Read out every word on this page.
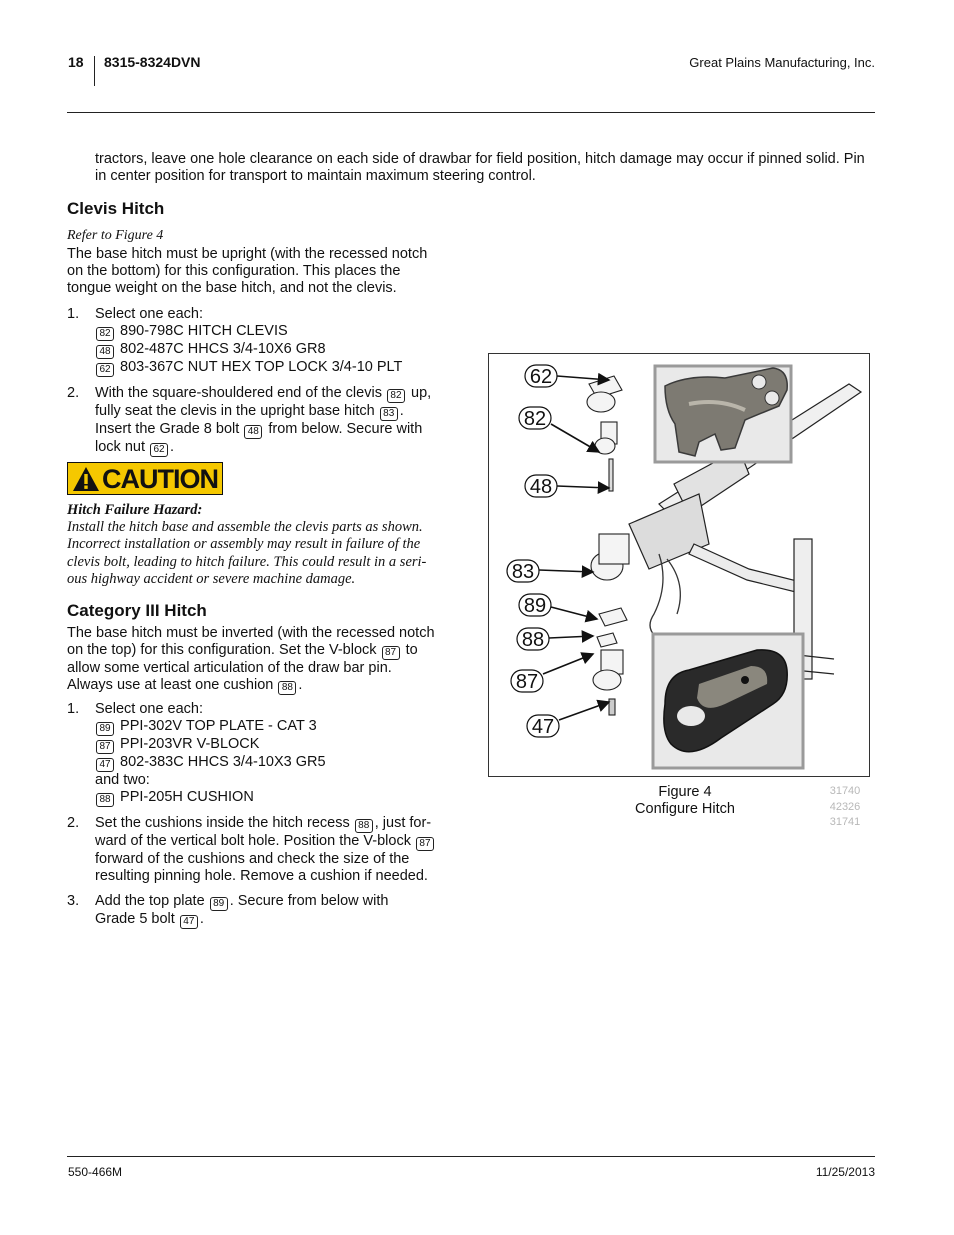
18 8315-8324DVN	Great Plains Manufacturing, Inc.
tractors, leave one hole clearance on each side of drawbar for field position, hitch damage may occur if pinned solid. Pin in center position for transport to maintain maximum steering control.
Clevis Hitch
Refer to Figure 4
The base hitch must be upright (with the recessed notch
on the bottom) for this configuration. This places the
tongue weight on the base hitch, and not the clevis.
1. Select one each:
82 890-798C HITCH CLEVIS
48 802-487C HHCS 3/4-10X6 GR8
62 803-367C NUT HEX TOP LOCK 3/4-10 PLT
2. With the square-shouldered end of the clevis 82 up,
fully seat the clevis in the upright base hitch 83 .
Insert the Grade 8 bolt 48 from below. Secure with
lock nut 62 .
CAUTION
Hitch Failure Hazard:
Install the hitch base and assemble the clevis parts as shown.
Incorrect installation or assembly may result in failure of the
clevis bolt, leading to hitch failure. This could result in a seri-
ous highway accident or severe machine damage.
Category III Hitch
The base hitch must be inverted (with the recessed notch
on the top) for this configuration. Set the V-block 87 to
allow some vertical articulation of the draw bar pin.
Always use at least one cushion 88 .
1. Select one each:
89 PPI-302V TOP PLATE - CAT 3
87 PPI-203VR V-BLOCK
47 802-383C HHCS 3/4-10X3 GR5
and two:
88 PPI-205H CUSHION
2. Set the cushions inside the hitch recess 88 , just for-
ward of the vertical bolt hole. Position the V-block 87
forward of the cushions and check the size of the
resulting pinning hole. Remove a cushion if needed.
3. Add the top plate 89 . Secure from below with
Grade 5 bolt 47 .
62
82
48
83
89
88
87
47
Figure 4
Configure Hitch
31740
42326
31741
550-466M	11/25/2013
